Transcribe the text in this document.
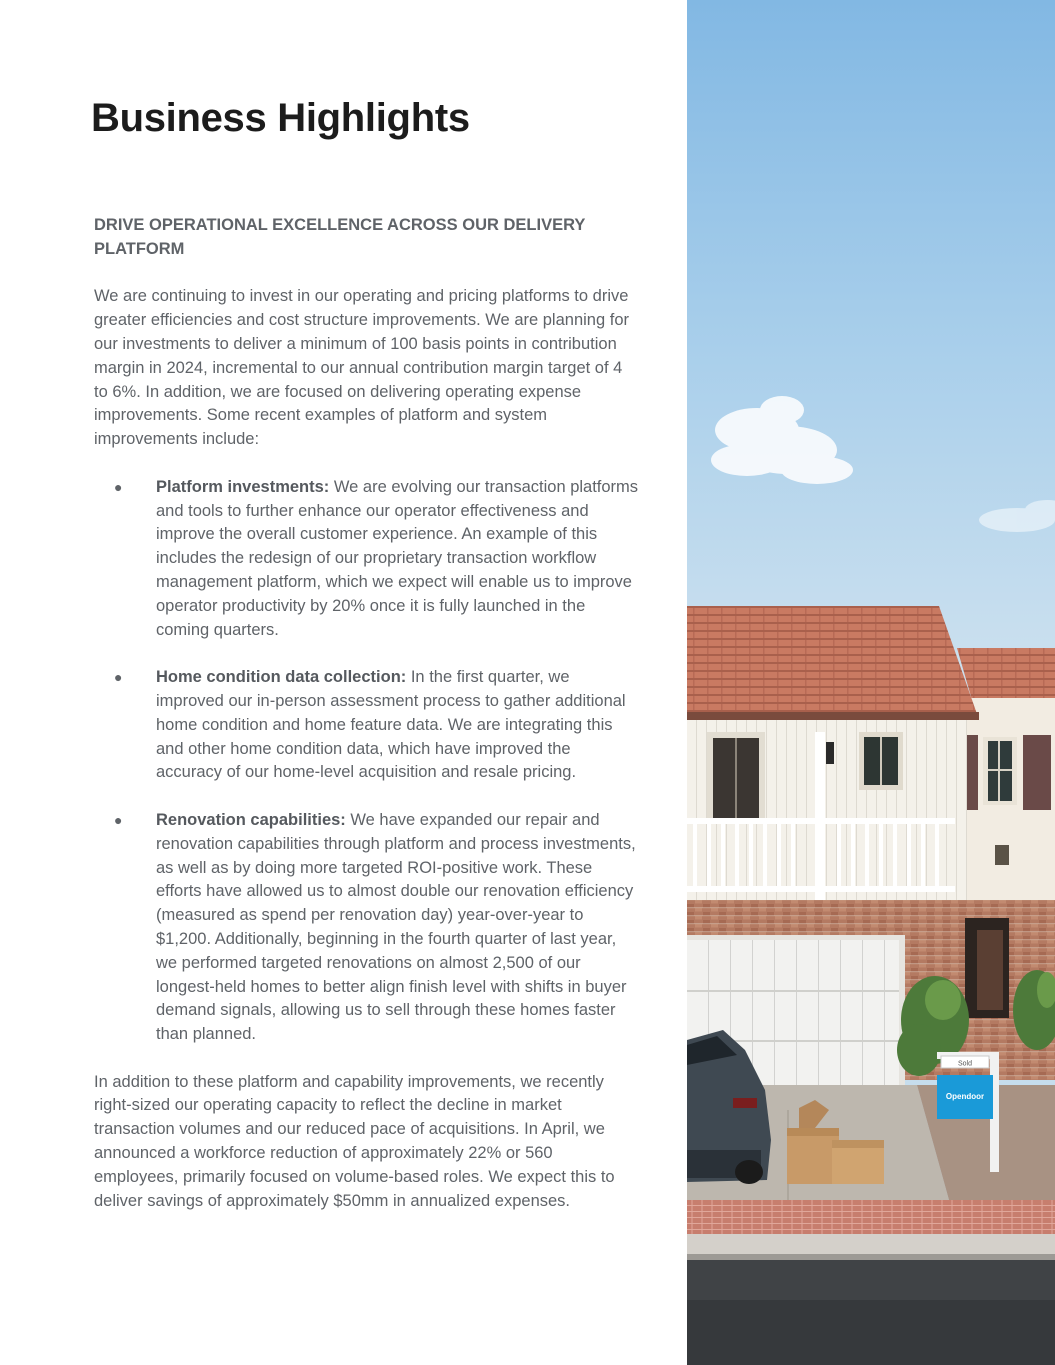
Business Highlights

DRIVE OPERATIONAL EXCELLENCE ACROSS OUR DELIVERY
PLATFORM

We are continuing to invest in our operating and pricing platforms to drive greater efficiencies and cost structure improvements. We are planning for our investments to deliver a minimum of 100 basis points in contribution margin in 2024, incremental to our annual contribution margin target of 4 to 6%. In addition, we are focused on delivering operating expense improvements. Some recent examples of platform and system improvements include:

● Platform investments: We are evolving our transaction platforms and tools to further enhance our operator effectiveness and improve the overall customer experience. An example of this includes the redesign of our proprietary transaction workflow management platform, which we expect will enable us to improve operator productivity by 20% once it is fully launched in the coming quarters.
● Home condition data collection: In the first quarter, we improved our in-person assessment process to gather additional home condition and home feature data. We are integrating this and other home condition data, which have improved the accuracy of our home-level acquisition and resale pricing.
● Renovation capabilities: We have expanded our repair and renovation capabilities through platform and process investments, as well as by doing more targeted ROI-positive work. These efforts have allowed us to almost double our renovation efficiency (measured as spend per renovation day) year-over-year to $1,200. Additionally, beginning in the fourth quarter of last year, we performed targeted renovations on almost 2,500 of our longest-held homes to better align finish level with shifts in buyer demand signals, allowing us to sell through these homes faster than planned.

In addition to these platform and capability improvements, we recently right-sized our operating capacity to reflect the decline in market transaction volumes and our reduced pace of acquisitions. In April, we announced a workforce reduction of approximately 22% or 560 employees, primarily focused on volume-based roles. We expect this to deliver savings of approximately $50mm in annualized expenses.

Sold
Opendoor
